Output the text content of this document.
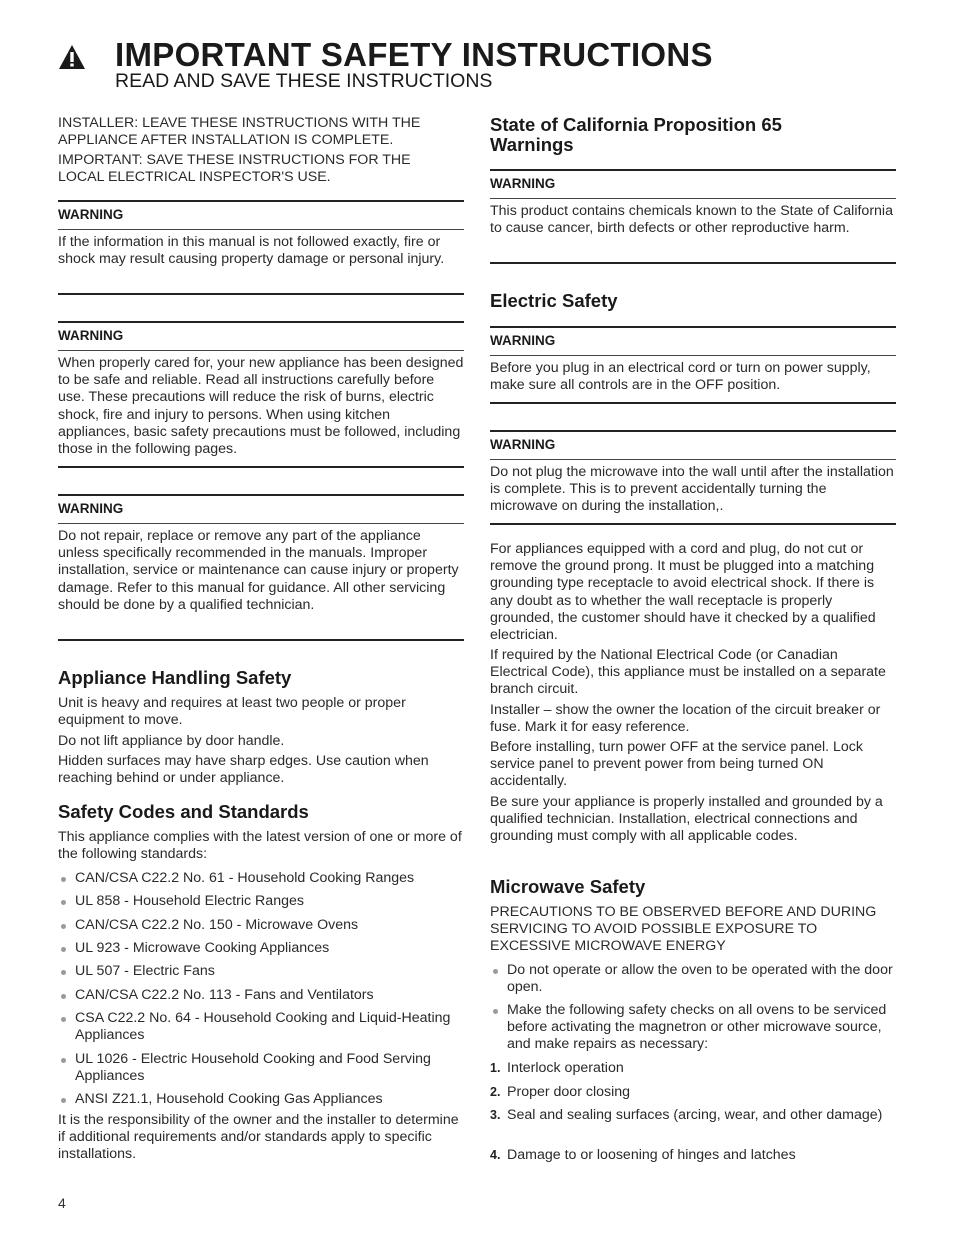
IMPORTANT SAFETY INSTRUCTIONS
READ AND SAVE THESE INSTRUCTIONS
INSTALLER: LEAVE THESE INSTRUCTIONS WITH THE APPLIANCE AFTER INSTALLATION IS COMPLETE.
IMPORTANT: SAVE THESE INSTRUCTIONS FOR THE LOCAL ELECTRICAL INSPECTOR'S USE.
WARNING
If the information in this manual is not followed exactly, fire or shock may result causing property damage or personal injury.
WARNING
When properly cared for, your new appliance has been designed to be safe and reliable. Read all instructions carefully before use. These precautions will reduce the risk of burns, electric shock, fire and injury to persons. When using kitchen appliances, basic safety precautions must be followed, including those in the following pages.
WARNING
Do not repair, replace or remove any part of the appliance unless specifically recommended in the manuals. Improper installation, service or maintenance can cause injury or property damage. Refer to this manual for guidance. All other servicing should be done by a qualified technician.
Appliance Handling Safety
Unit is heavy and requires at least two people or proper equipment to move.
Do not lift appliance by door handle.
Hidden surfaces may have sharp edges. Use caution when reaching behind or under appliance.
Safety Codes and Standards
This appliance complies with the latest version of one or more of the following standards:
CAN/CSA C22.2 No. 61 - Household Cooking Ranges
UL 858 - Household Electric Ranges
CAN/CSA C22.2 No. 150 - Microwave Ovens
UL 923 - Microwave Cooking Appliances
UL 507 - Electric Fans
CAN/CSA C22.2 No. 113 - Fans and Ventilators
CSA C22.2 No. 64 - Household Cooking and Liquid-Heating Appliances
UL 1026 - Electric Household Cooking and Food Serving Appliances
ANSI Z21.1, Household Cooking Gas Appliances
It is the responsibility of the owner and the installer to determine if additional requirements and/or standards apply to specific installations.
State of California Proposition 65 Warnings
WARNING
This product contains chemicals known to the State of California to cause cancer, birth defects or other reproductive harm.
Electric Safety
WARNING
Before you plug in an electrical cord or turn on power supply, make sure all controls are in the OFF position.
WARNING
Do not plug the microwave into the wall until after the installation is complete. This is to prevent accidentally turning the microwave on during the installation,.
For appliances equipped with a cord and plug, do not cut or remove the ground prong. It must be plugged into a matching grounding type receptacle to avoid electrical shock. If there is any doubt as to whether the wall receptacle is properly grounded, the customer should have it checked by a qualified electrician.
If required by the National Electrical Code (or Canadian Electrical Code), this appliance must be installed on a separate branch circuit.
Installer – show the owner the location of the circuit breaker or fuse. Mark it for easy reference.
Before installing, turn power OFF at the service panel. Lock service panel to prevent power from being turned ON accidentally.
Be sure your appliance is properly installed and grounded by a qualified technician. Installation, electrical connections and grounding must comply with all applicable codes.
Microwave Safety
PRECAUTIONS TO BE OBSERVED BEFORE AND DURING SERVICING TO AVOID POSSIBLE EXPOSURE TO EXCESSIVE MICROWAVE ENERGY
Do not operate or allow the oven to be operated with the door open.
Make the following safety checks on all ovens to be serviced before activating the magnetron or other microwave source, and make repairs as necessary:
1. Interlock operation
2. Proper door closing
3. Seal and sealing surfaces (arcing, wear, and other damage)
4. Damage to or loosening of hinges and latches
4
